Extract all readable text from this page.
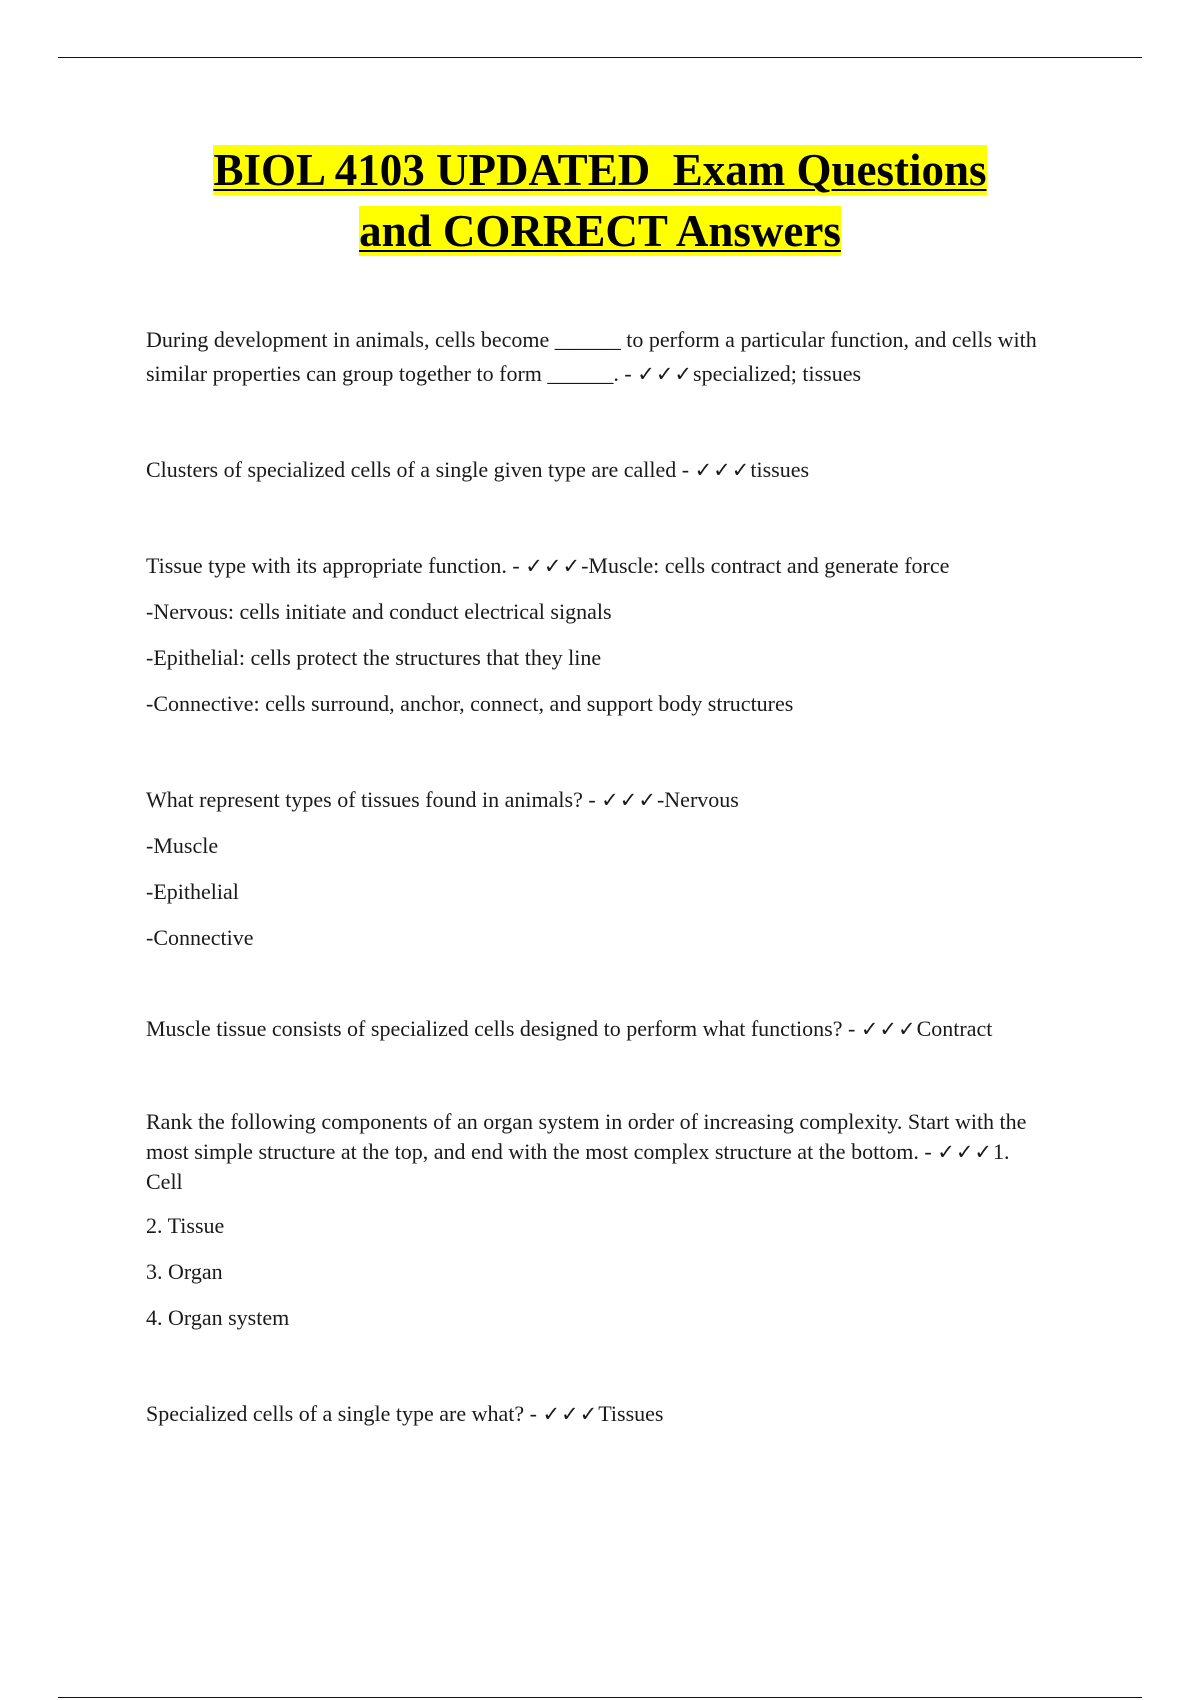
BIOL 4103 UPDATED  Exam Questions
and CORRECT Answers

During development in animals, cells become ______ to perform a particular function, and cells with similar properties can group together to form ______. - ✓✓✓specialized; tissues

Clusters of specialized cells of a single given type are called - ✓✓✓tissues

Tissue type with its appropriate function. - ✓✓✓-Muscle: cells contract and generate force

-Nervous: cells initiate and conduct electrical signals

-Epithelial: cells protect the structures that they line

-Connective: cells surround, anchor, connect, and support body structures

What represent types of tissues found in animals? - ✓✓✓-Nervous

-Muscle

-Epithelial

-Connective

Muscle tissue consists of specialized cells designed to perform what functions? - ✓✓✓Contract

Rank the following components of an organ system in order of increasing complexity. Start with the most simple structure at the top, and end with the most complex structure at the bottom. - ✓✓✓1. Cell

2. Tissue

3. Organ

4. Organ system

Specialized cells of a single type are what? - ✓✓✓Tissues
